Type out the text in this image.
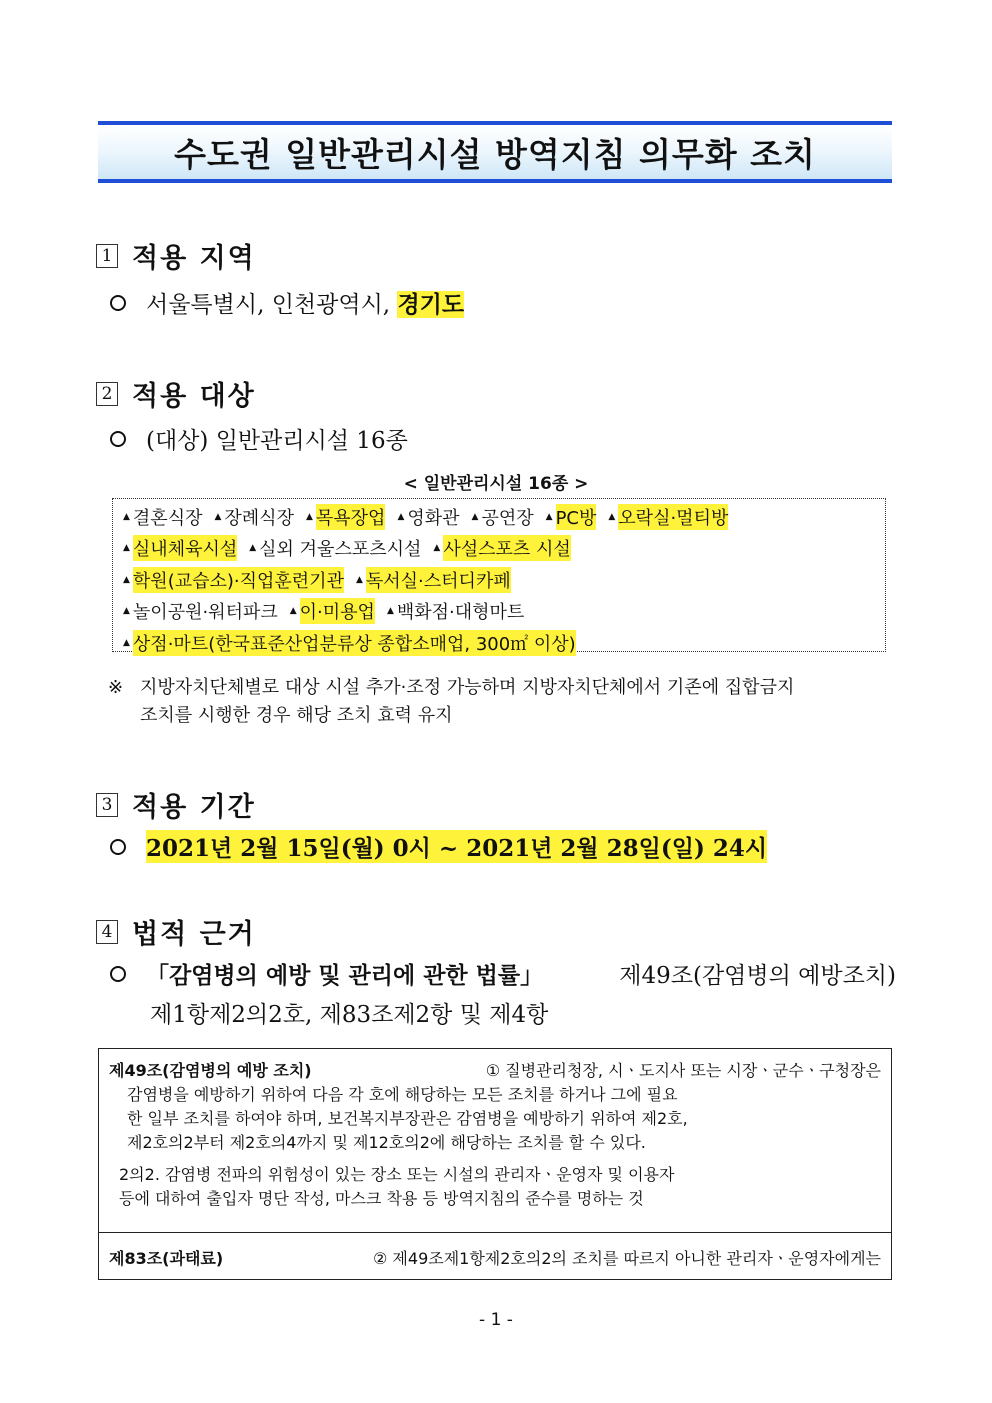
수도권 일반관리시설 방역지침 의무화 조치
1 적용 지역
서울특별시, 인천광역시, 경기도
2 적용 대상
(대상) 일반관리시설 16종
< 일반관리시설 16종 >
▲ 결혼식장 ▲ 장례식장 ▲ 목욕장업 ▲ 영화관 ▲ 공연장 ▲ PC방 ▲ 오락실·멀티방
▲ 실내체육시설 ▲ 실외 겨울스포츠시설 ▲ 사설스포츠 시설
▲ 학원(교습소)·직업훈련기관 ▲ 독서실·스터디카페
▲ 놀이공원·워터파크 ▲ 이·미용업 ▲ 백화점·대형마트
▲ 상점·마트(한국표준산업분류상 종합소매업, 300㎡ 이상)
※ 지방자치단체별로 대상 시설 추가·조정 가능하며 지방자치단체에서 기존에 집합금지
조치를 시행한 경우 해당 조치 효력 유지
3 적용 기간
2021년 2월 15일(월) 0시 ~ 2021년 2월 28일(일) 24시
4 법적 근거
「감염병의 예방 및 관리에 관한 법률」	제49조(감염병의 예방조치)
제1항제2의2호, 제83조제2항 및 제4항
제49조(감염병의 예방 조치)	① 질병관리청장, 시ㆍ도지사 또는 시장ㆍ군수ㆍ구청장은
감염병을 예방하기 위하여 다음 각 호에 해당하는 모든 조치를 하거나 그에 필요
한 일부 조치를 하여야 하며, 보건복지부장관은 감염병을 예방하기 위하여 제2호,
제2호의2부터 제2호의4까지 및 제12호의2에 해당하는 조치를 할 수 있다.
2의2. 감염병 전파의 위험성이 있는 장소 또는 시설의 관리자ㆍ운영자 및 이용자
등에 대하여 출입자 명단 작성, 마스크 착용 등 방역지침의 준수를 명하는 것
제83조(과태료)	② 제49조제1항제2호의2의 조치를 따르지 아니한 관리자ㆍ운영자에게는
- 1 -
